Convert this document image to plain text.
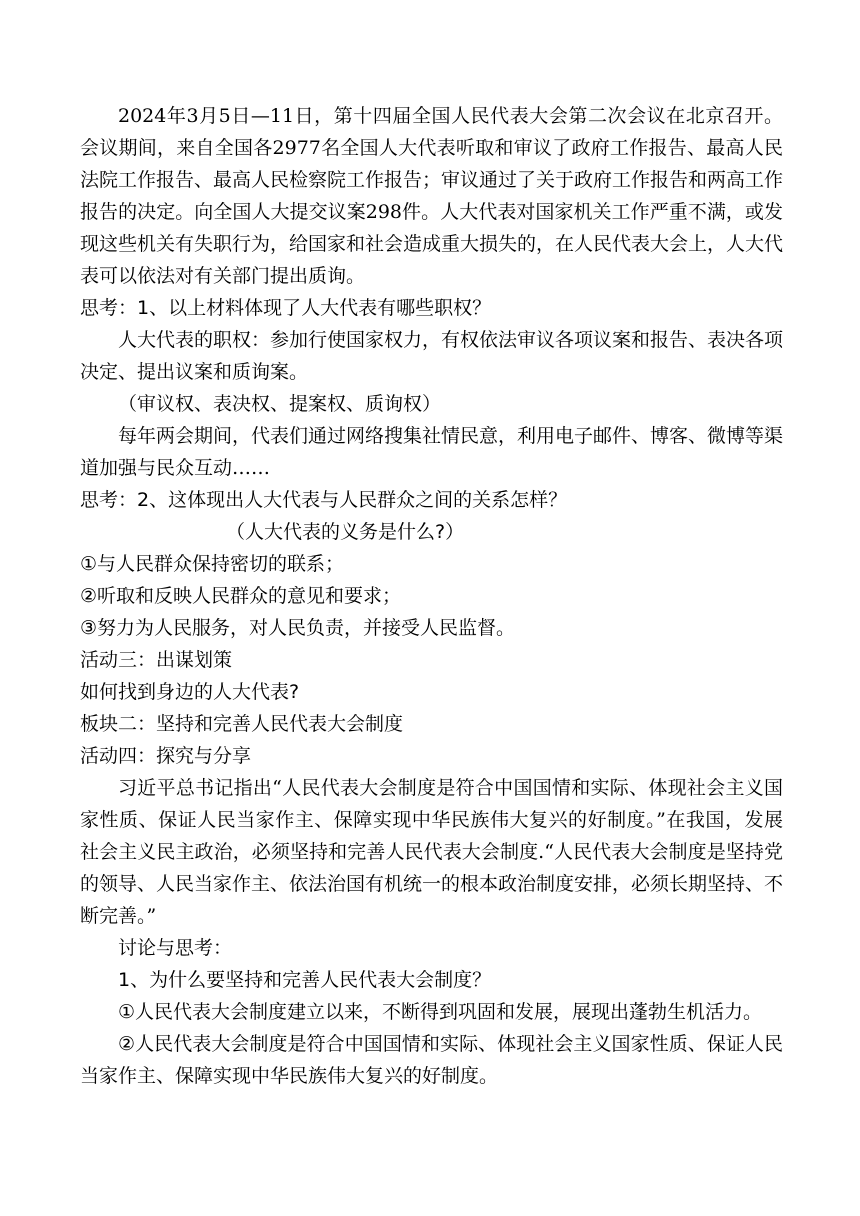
2024年3月5日—11日，第十四届全国人民代表大会第二次会议在北京召开。会议期间，来自全国各2977名全国人大代表听取和审议了政府工作报告、最高人民法院工作报告、最高人民检察院工作报告；审议通过了关于政府工作报告和两高工作报告的决定。向全国人大提交议案298件。人大代表对国家机关工作严重不满，或发现这些机关有失职行为，给国家和社会造成重大损失的，在人民代表大会上，人大代表可以依法对有关部门提出质询。

思考：1、以上材料体现了人大代表有哪些职权？

人大代表的职权：参加行使国家权力，有权依法审议各项议案和报告、表决各项决定、提出议案和质询案。

（审议权、表决权、提案权、质询权）

每年两会期间，代表们通过网络搜集社情民意，利用电子邮件、博客、微博等渠道加强与民众互动……

思考：2、这体现出人大代表与人民群众之间的关系怎样？

（人大代表的义务是什么?）

①与人民群众保持密切的联系；

②听取和反映人民群众的意见和要求；

③努力为人民服务，对人民负责，并接受人民监督。

活动三：出谋划策

如何找到身边的人大代表?

板块二：坚持和完善人民代表大会制度

活动四：探究与分享

习近平总书记指出“人民代表大会制度是符合中国国情和实际、体现社会主义国家性质、保证人民当家作主、保障实现中华民族伟大复兴的好制度。”在我国，发展社会主义民主政治，必须坚持和完善人民代表大会制度.“人民代表大会制度是坚持党的领导、人民当家作主、依法治国有机统一的根本政治制度安排，必须长期坚持、不断完善。”

讨论与思考：

1、为什么要坚持和完善人民代表大会制度？

①人民代表大会制度建立以来，不断得到巩固和发展，展现出蓬勃生机活力。

②人民代表大会制度是符合中国国情和实际、体现社会主义国家性质、保证人民当家作主、保障实现中华民族伟大复兴的好制度。
